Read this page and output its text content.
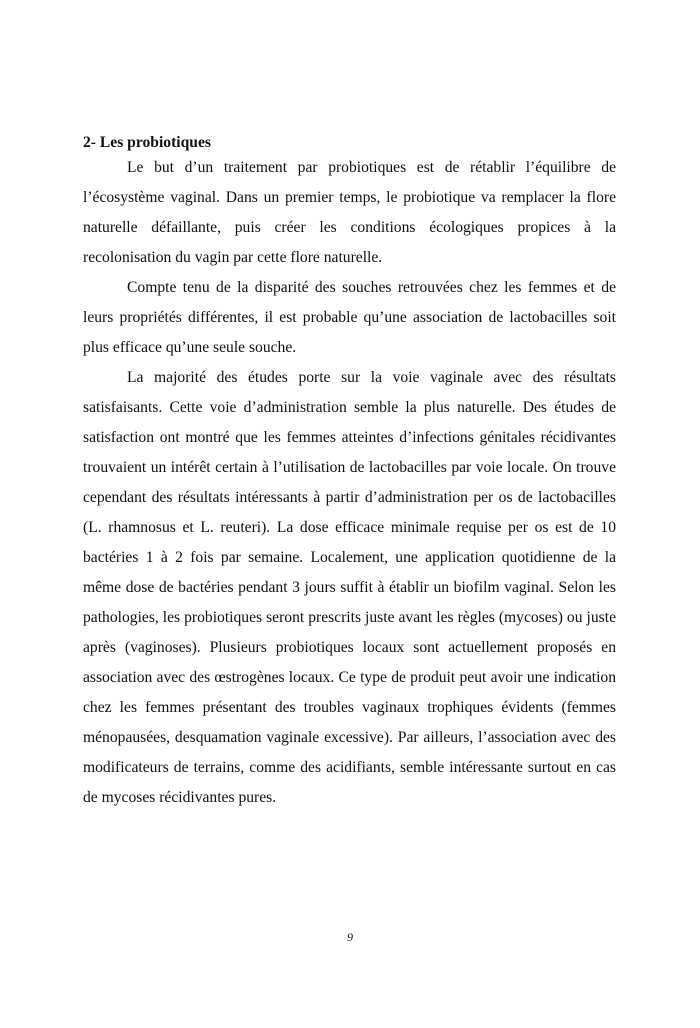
2- Les probiotiques

Le but d’un traitement par probiotiques est de rétablir l’équilibre de l’écosystème vaginal. Dans un premier temps, le probiotique va remplacer la flore naturelle défaillante, puis créer les conditions écologiques propices à la recolonisation du vagin par cette flore naturelle.

Compte tenu de la disparité des souches retrouvées chez les femmes et de leurs propriétés différentes, il est probable qu’une association de lactobacilles soit plus efficace qu’une seule souche.

La majorité des études porte sur la voie vaginale avec des résultats satisfaisants. Cette voie d’administration semble la plus naturelle. Des études de satisfaction ont montré que les femmes atteintes d’infections génitales récidivantes trouvaient un intérêt certain à l’utilisation de lactobacilles par voie locale. On trouve cependant des résultats intéressants à partir d’administration per os de lactobacilles (L. rhamnosus et L. reuteri). La dose efficace minimale requise per os est de 10 bactéries 1 à 2 fois par semaine. Localement, une application quotidienne de la même dose de bactéries pendant 3 jours suffit à établir un biofilm vaginal. Selon les pathologies, les probiotiques seront prescrits juste avant les règles (mycoses) ou juste après (vaginoses). Plusieurs probiotiques locaux sont actuellement proposés en association avec des œstrogènes locaux. Ce type de produit peut avoir une indication chez les femmes présentant des troubles vaginaux trophiques évidents (femmes ménopausées, desquamation vaginale excessive). Par ailleurs, l’association avec des modificateurs de terrains, comme des acidifiants, semble intéressante surtout en cas de mycoses récidivantes pures.

9
